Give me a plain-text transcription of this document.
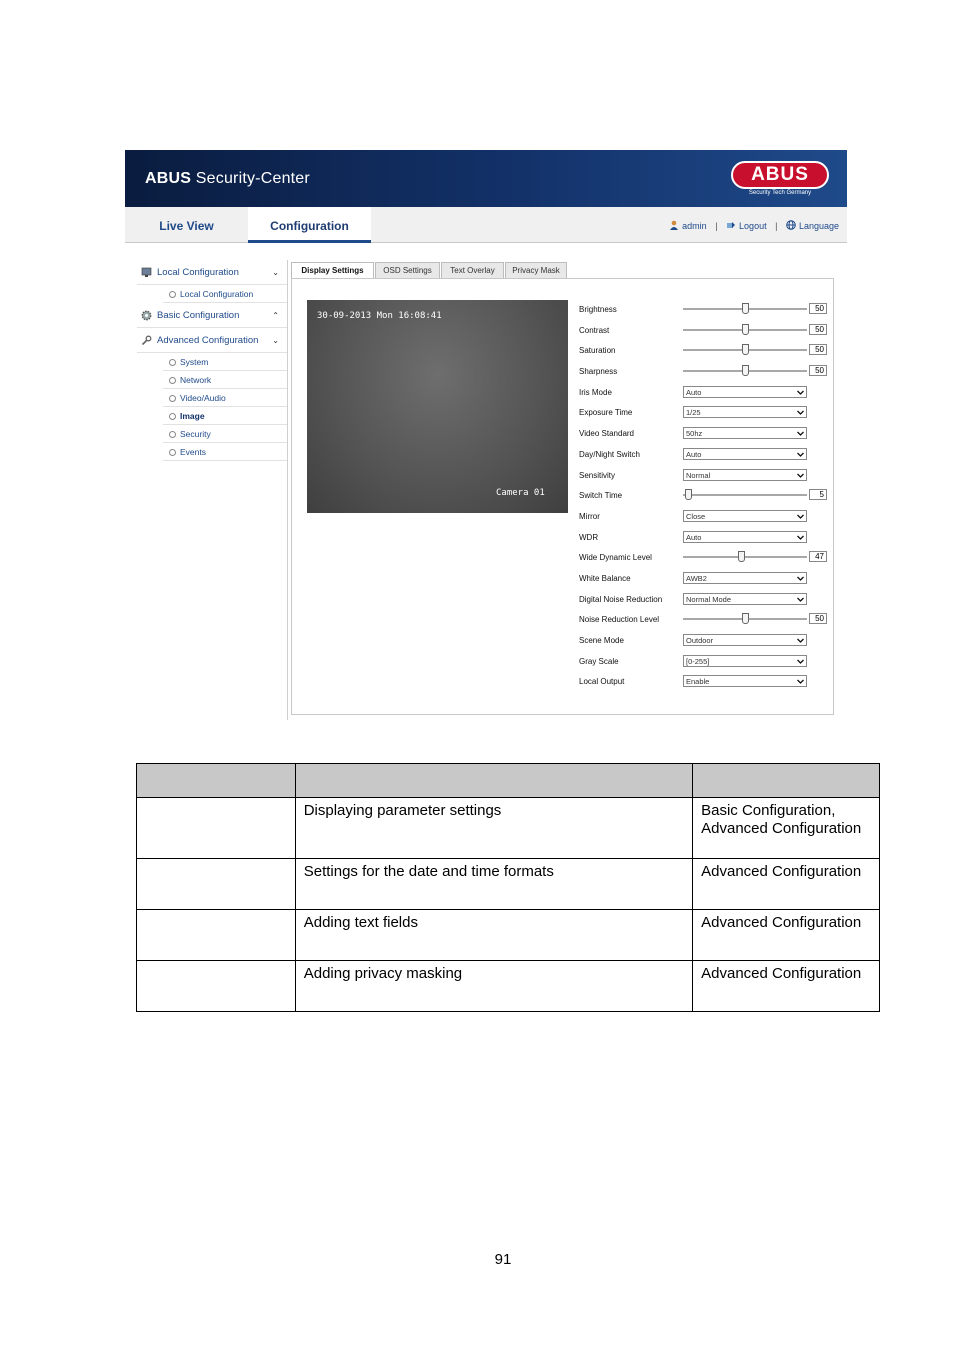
ABUS Security-Center	ABUS
Security Tech Germany
Live View	Configuration	admin | Logout | Language
Local Configuration	⌄
Local Configuration
Basic Configuration	⌃
Advanced Configuration ⌄
System
Network
Video/Audio
Image
Security
Events
Display Settings	OSD Settings	Text Overlay	Privacy Mask
30-09-2013 Mon 16:08:41
Camera 01
Brightness	50
Contrast	50
Saturation	50
Sharpness	50
Iris Mode	Auto
Exposure Time	1/25
Video Standard	50hz
Day/Night Switch	Auto
Sensitivity	Normal
Switch Time	5
Mirror	Close
WDR	Auto
Wide Dynamic Level	47
White Balance	AWB2
Digital Noise Reduction	Normal Mode
Noise Reduction Level	50
Scene Mode	Outdoor
Gray Scale	[0-255]
Local Output	Enable

	Displaying parameter settings	Basic Configuration, Advanced Configuration
	Settings for the date and time formats	Advanced Configuration
	Adding text fields	Advanced Configuration
	Adding privacy masking	Advanced Configuration
91
